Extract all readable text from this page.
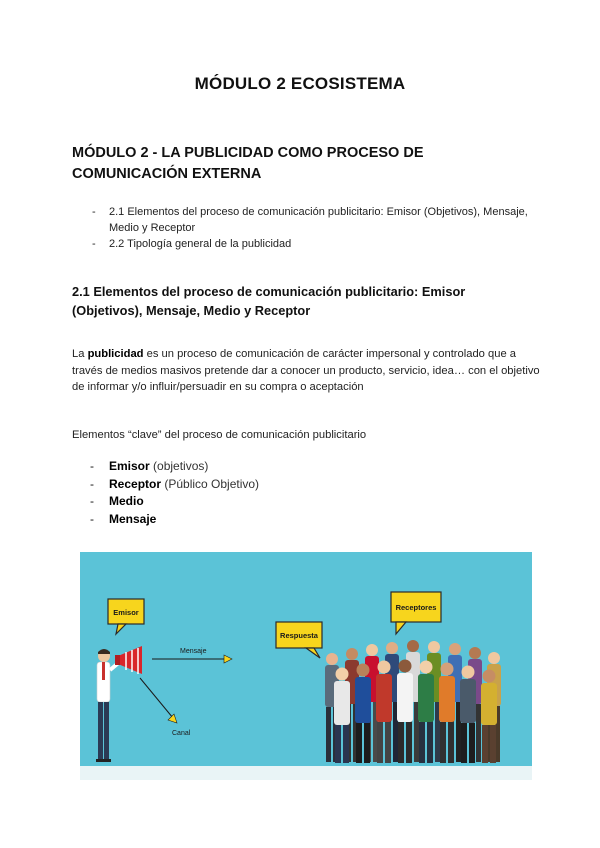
MÓDULO 2 ECOSISTEMA
MÓDULO 2 - LA PUBLICIDAD COMO PROCESO DE COMUNICACIÓN EXTERNA
- 2.1 Elementos del proceso de comunicación publicitario: Emisor (Objetivos), Mensaje, Medio y Receptor
- 2.2 Tipología general de la publicidad
2.1 Elementos del proceso de comunicación publicitario: Emisor (Objetivos), Mensaje, Medio y Receptor

La publicidad es un proceso de comunicación de carácter impersonal y controlado que a través de medios masivos pretende dar a conocer un producto, servicio, idea… con el objetivo de informar y/o influir/persuadir en su compra o aceptación

Elementos “clave” del proceso de comunicación publicitario
- Emisor (objetivos)
- Receptor (Público Objetivo)
- Medio
- Mensaje
Emisor
Mensaje
Canal
Respuesta
Receptores
